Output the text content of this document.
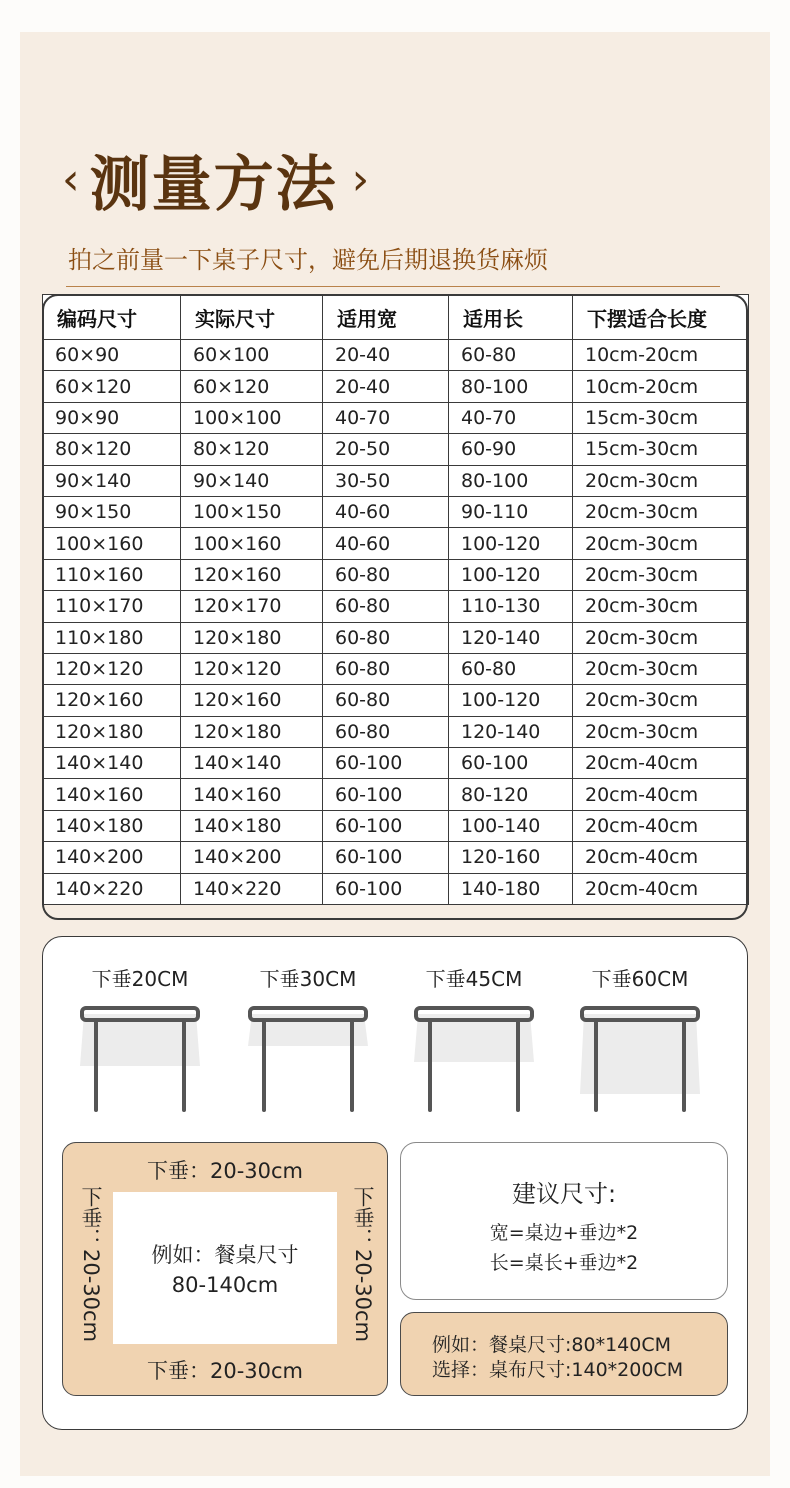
‹ 测量方法 ›
拍之前量一下桌子尺寸，避免后期退换货麻烦
编码尺寸	实际尺寸	适用宽	适用长	下摆适合长度
60×90	60×100	20-40	60-80	10cm-20cm
60×120	60×120	20-40	80-100	10cm-20cm
90×90	100×100	40-70	40-70	15cm-30cm
80×120	80×120	20-50	60-90	15cm-30cm
90×140	90×140	30-50	80-100	20cm-30cm
90×150	100×150	40-60	90-110	20cm-30cm
100×160	100×160	40-60	100-120	20cm-30cm
110×160	120×160	60-80	100-120	20cm-30cm
110×170	120×170	60-80	110-130	20cm-30cm
110×180	120×180	60-80	120-140	20cm-30cm
120×120	120×120	60-80	60-80	20cm-30cm
120×160	120×160	60-80	100-120	20cm-30cm
120×180	120×180	60-80	120-140	20cm-30cm
140×140	140×140	60-100	60-100	20cm-40cm
140×160	140×160	60-100	80-120	20cm-40cm
140×180	140×180	60-100	100-140	20cm-40cm
140×200	140×200	60-100	120-160	20cm-40cm
140×220	140×220	60-100	140-180	20cm-40cm
下垂20CM	下垂30CM	下垂45CM	下垂60CM
下垂：20-30cm
下垂：20-30cm	下垂：20-30cm
下垂：20-30cm
例如：餐桌尺寸
80-140cm
建议尺寸:
宽=桌边+垂边*2
长=桌长+垂边*2
例如：餐桌尺寸:80*140CM
选择：桌布尺寸:140*200CM
